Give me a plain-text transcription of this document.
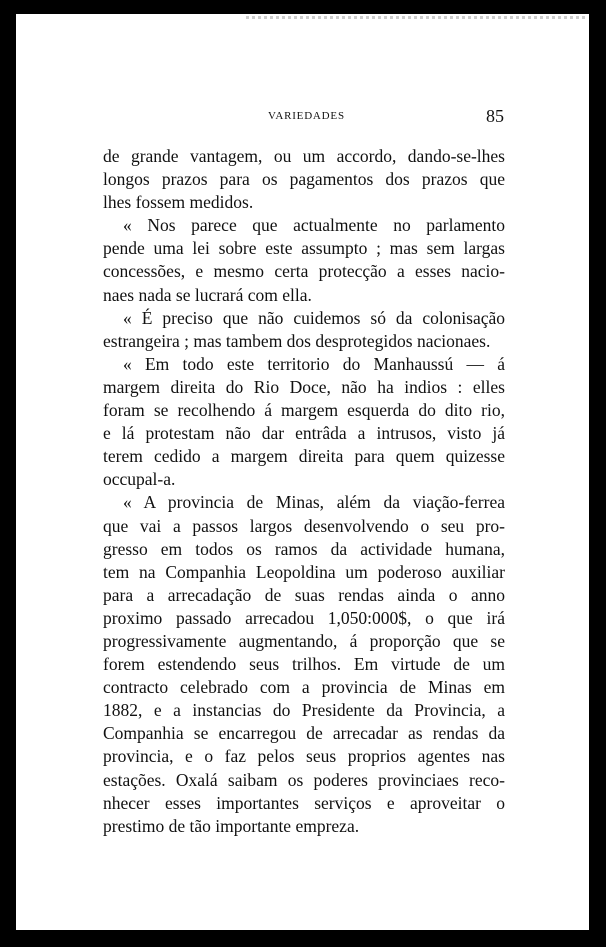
VARIEDADES	85
de grande vantagem, ou um accordo, dando-se-lhes
longos prazos para os pagamentos dos prazos que
lhes fossem medidos.
« Nos parece que actualmente no parlamento
pende uma lei sobre este assumpto ; mas sem largas
concessões, e mesmo certa protecção a esses nacio-
naes nada se lucrará com ella.
« É preciso que não cuidemos só da colonisação
estrangeira ; mas tambem dos desprotegidos nacionaes.
« Em todo este territorio do Manhaussú — á
margem direita do Rio Doce, não ha indios : elles
foram se recolhendo á margem esquerda do dito rio,
e lá protestam não dar entrâda a intrusos, visto já
terem cedido a margem direita para quem quizesse
occupal-a.
« A provincia de Minas, além da viação-ferrea
que vai a passos largos desenvolvendo o seu pro-
gresso em todos os ramos da actividade humana,
tem na Companhia Leopoldina um poderoso auxiliar
para a arrecadação de suas rendas ainda o anno
proximo passado arrecadou 1,050:000$, o que irá
progressivamente augmentando, á proporção que se
forem estendendo seus trilhos. Em virtude de um
contracto celebrado com a provincia de Minas em
1882, e a instancias do Presidente da Provincia, a
Companhia se encarregou de arrecadar as rendas da
provincia, e o faz pelos seus proprios agentes nas
estações. Oxalá saibam os poderes provinciaes reco-
nhecer esses importantes serviços e aproveitar o
prestimo de tão importante empreza.
